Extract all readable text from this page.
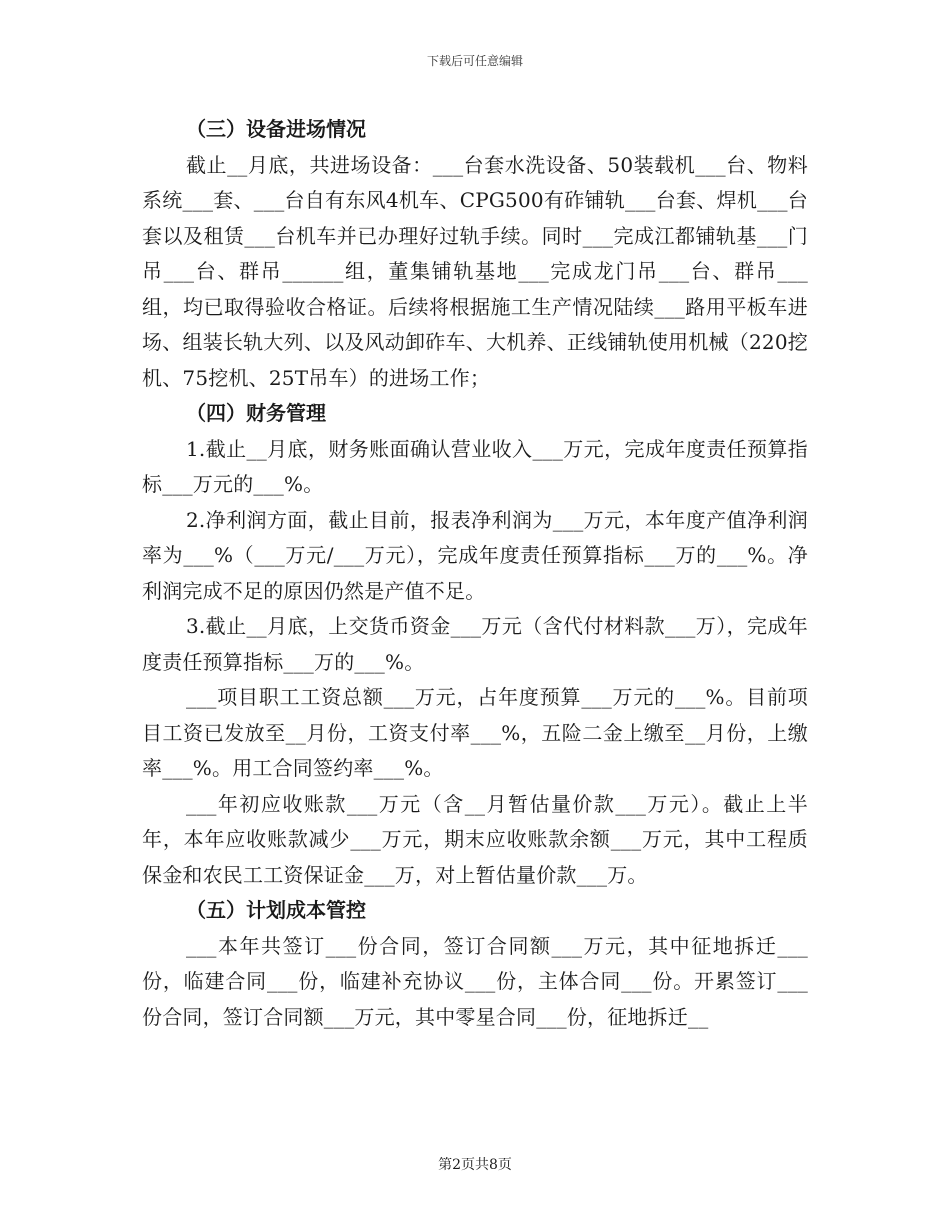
下载后可任意编辑

（三）设备进场情况

截止__月底，共进场设备：___台套水洗设备、50装载机___台、物料系统___套、___台自有东风4机车、CPG500有砟铺轨___台套、焊机___台套以及租赁___台机车并已办理好过轨手续。同时___完成江都铺轨基___门吊___台、群吊______组，董集铺轨基地___完成龙门吊___台、群吊___组，均已取得验收合格证。后续将根据施工生产情况陆续___路用平板车进场、组装长轨大列、以及风动卸砟车、大机养、正线铺轨使用机械（220挖机、75挖机、25T吊车）的进场工作；

（四）财务管理

1.截止__月底，财务账面确认营业收入___万元，完成年度责任预算指标___万元的___%。

2.净利润方面，截止目前，报表净利润为___万元，本年度产值净利润率为___%（___万元/___万元），完成年度责任预算指标___万的___%。净利润完成不足的原因仍然是产值不足。

3.截止__月底，上交货币资金___万元（含代付材料款___万），完成年度责任预算指标___万的___%。

___项目职工工资总额___万元，占年度预算___万元的___%。目前项目工资已发放至__月份，工资支付率___%，五险二金上缴至__月份，上缴率___%。用工合同签约率___%。

___年初应收账款___万元（含__月暂估量价款___万元）。截止上半年，本年应收账款减少___万元，期末应收账款余额___万元，其中工程质保金和农民工工资保证金___万，对上暂估量价款___万。

（五）计划成本管控

___本年共签订___份合同，签订合同额___万元，其中征地拆迁___份，临建合同___份，临建补充协议___份，主体合同___份。开累签订___份合同，签订合同额___万元，其中零星合同___份，征地拆迁__

第2页共8页
